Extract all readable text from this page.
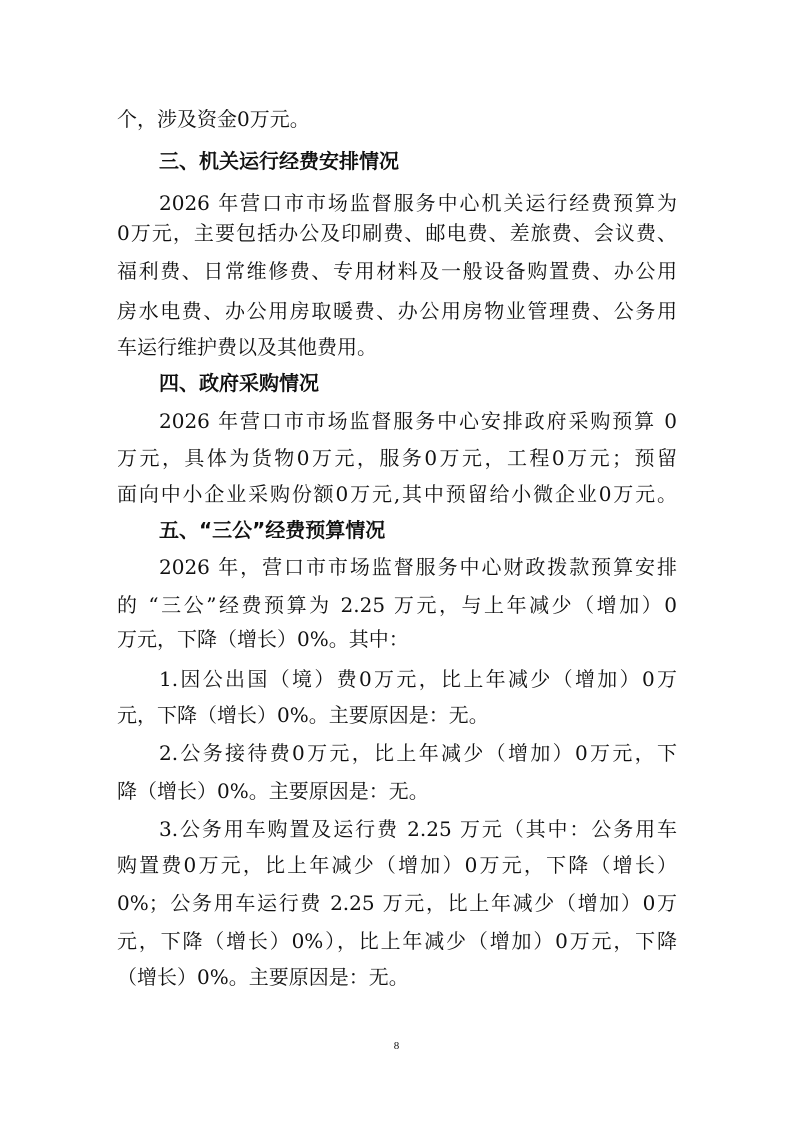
个，涉及资金0万元。
三、机关运行经费安排情况
2026 年营口市市场监督服务中心机关运行经费预算为
0万元，主要包括办公及印刷费、邮电费、差旅费、会议费、
福利费、日常维修费、专用材料及一般设备购置费、办公用
房水电费、办公用房取暖费、办公用房物业管理费、公务用
车运行维护费以及其他费用。
四、政府采购情况
2026 年营口市市场监督服务中心安排政府采购预算 0
万元，具体为货物0万元，服务0万元，工程0万元；预留
面向中小企业采购份额0万元,其中预留给小微企业0万元。
五、“三公”经费预算情况
2026 年，营口市市场监督服务中心财政拨款预算安排
的 “三公”经费预算为 2.25 万元，与上年减少（增加）0
万元，下降（增长）0%。其中：
1.因公出国（境）费0万元，比上年减少（增加）0万
元，下降（增长）0%。主要原因是：无。
2.公务接待费0万元，比上年减少（增加）0万元，下
降（增长）0%。主要原因是：无。
3.公务用车购置及运行费 2.25 万元（其中：公务用车
购置费0万元，比上年减少（增加）0万元，下降（增长）
0%；公务用车运行费 2.25 万元，比上年减少（增加）0万
元，下降（增长）0%），比上年减少（增加）0万元，下降
（增长）0%。主要原因是：无。
8
